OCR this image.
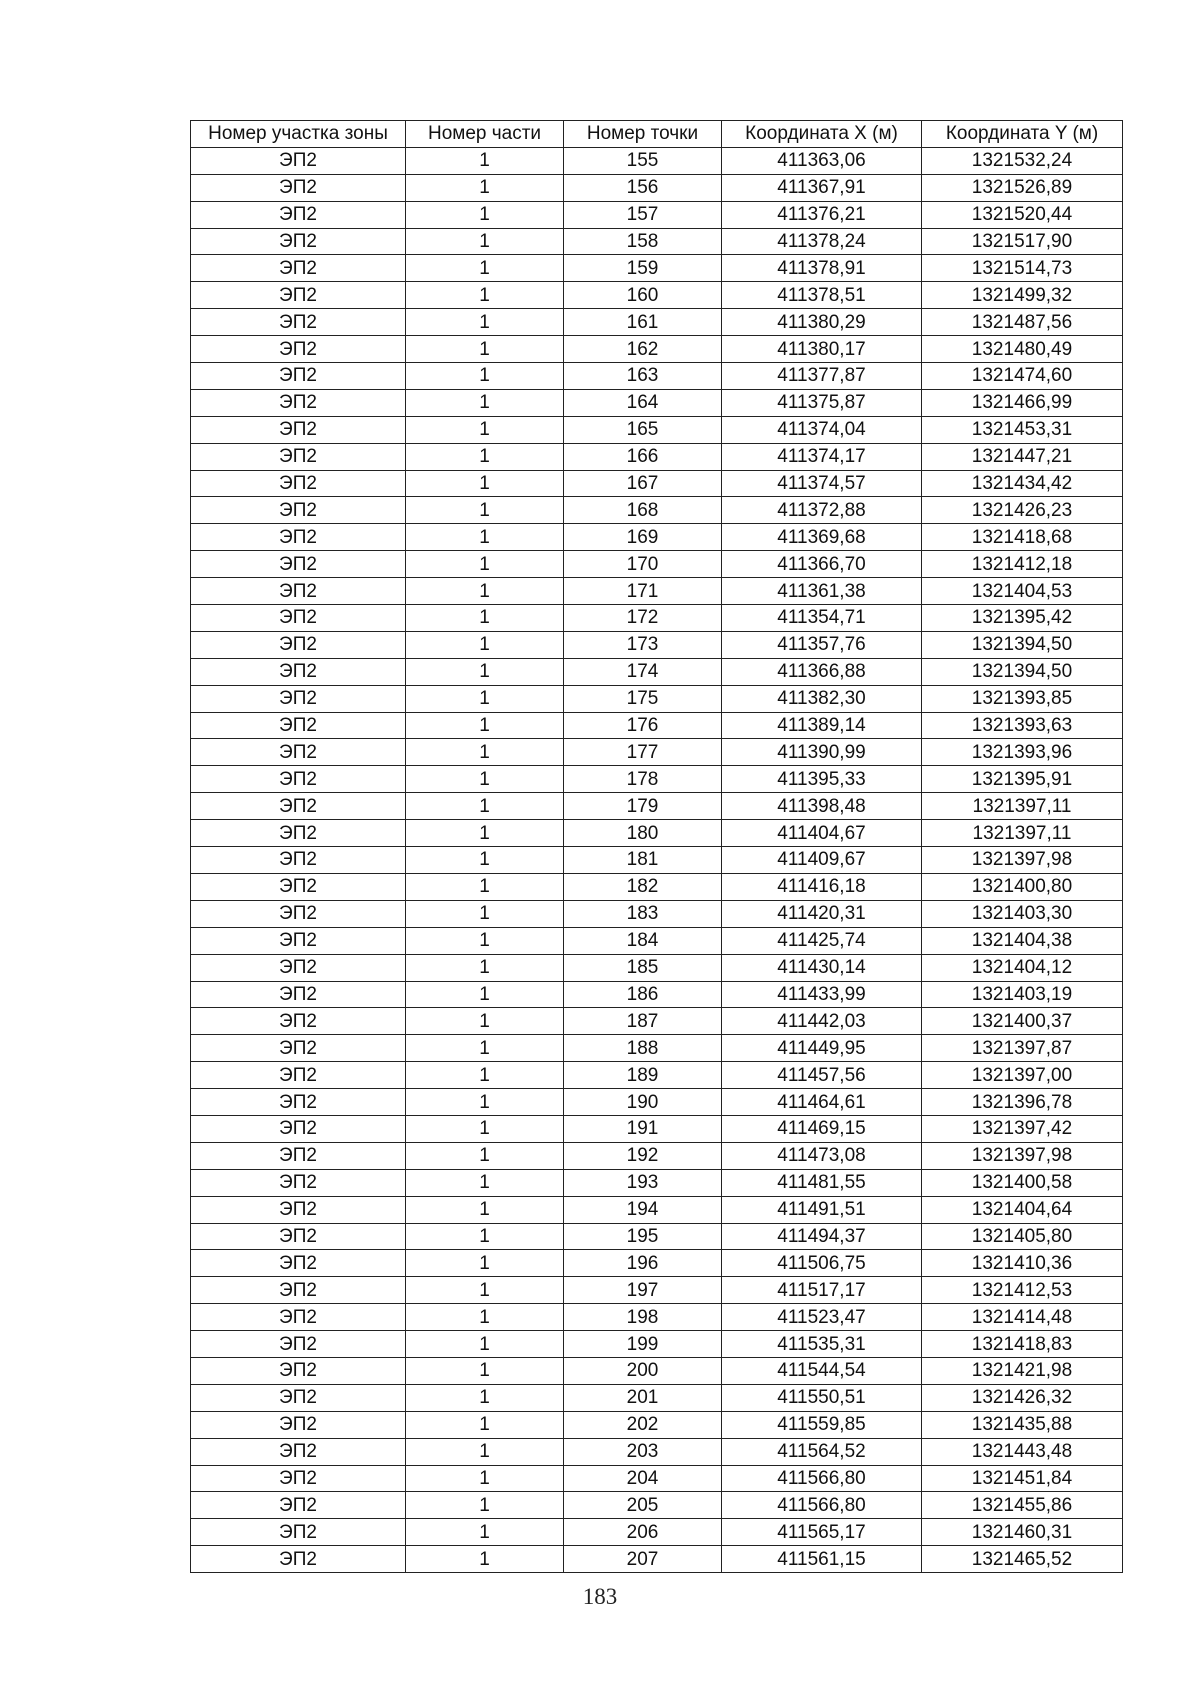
Номер участка зоны	Номер части	Номер точки	Координата X (м)	Координата Y (м)
ЭП2	1	155	411363,06	1321532,24
ЭП2	1	156	411367,91	1321526,89
ЭП2	1	157	411376,21	1321520,44
ЭП2	1	158	411378,24	1321517,90
ЭП2	1	159	411378,91	1321514,73
ЭП2	1	160	411378,51	1321499,32
ЭП2	1	161	411380,29	1321487,56
ЭП2	1	162	411380,17	1321480,49
ЭП2	1	163	411377,87	1321474,60
ЭП2	1	164	411375,87	1321466,99
ЭП2	1	165	411374,04	1321453,31
ЭП2	1	166	411374,17	1321447,21
ЭП2	1	167	411374,57	1321434,42
ЭП2	1	168	411372,88	1321426,23
ЭП2	1	169	411369,68	1321418,68
ЭП2	1	170	411366,70	1321412,18
ЭП2	1	171	411361,38	1321404,53
ЭП2	1	172	411354,71	1321395,42
ЭП2	1	173	411357,76	1321394,50
ЭП2	1	174	411366,88	1321394,50
ЭП2	1	175	411382,30	1321393,85
ЭП2	1	176	411389,14	1321393,63
ЭП2	1	177	411390,99	1321393,96
ЭП2	1	178	411395,33	1321395,91
ЭП2	1	179	411398,48	1321397,11
ЭП2	1	180	411404,67	1321397,11
ЭП2	1	181	411409,67	1321397,98
ЭП2	1	182	411416,18	1321400,80
ЭП2	1	183	411420,31	1321403,30
ЭП2	1	184	411425,74	1321404,38
ЭП2	1	185	411430,14	1321404,12
ЭП2	1	186	411433,99	1321403,19
ЭП2	1	187	411442,03	1321400,37
ЭП2	1	188	411449,95	1321397,87
ЭП2	1	189	411457,56	1321397,00
ЭП2	1	190	411464,61	1321396,78
ЭП2	1	191	411469,15	1321397,42
ЭП2	1	192	411473,08	1321397,98
ЭП2	1	193	411481,55	1321400,58
ЭП2	1	194	411491,51	1321404,64
ЭП2	1	195	411494,37	1321405,80
ЭП2	1	196	411506,75	1321410,36
ЭП2	1	197	411517,17	1321412,53
ЭП2	1	198	411523,47	1321414,48
ЭП2	1	199	411535,31	1321418,83
ЭП2	1	200	411544,54	1321421,98
ЭП2	1	201	411550,51	1321426,32
ЭП2	1	202	411559,85	1321435,88
ЭП2	1	203	411564,52	1321443,48
ЭП2	1	204	411566,80	1321451,84
ЭП2	1	205	411566,80	1321455,86
ЭП2	1	206	411565,17	1321460,31
ЭП2	1	207	411561,15	1321465,52
183
